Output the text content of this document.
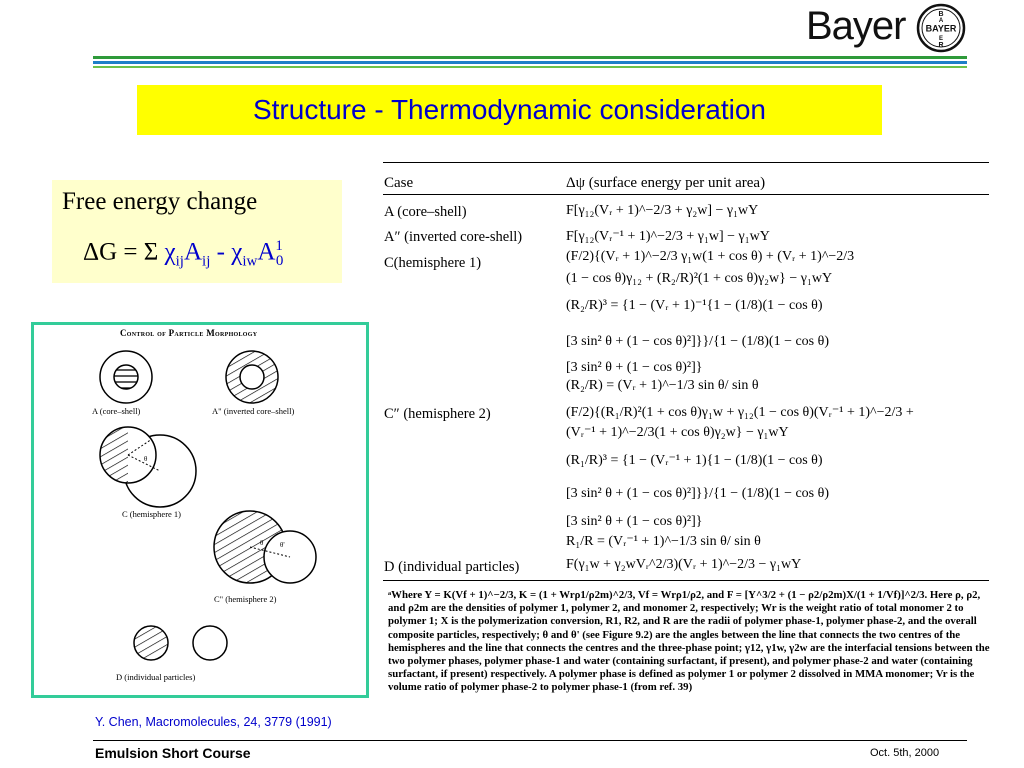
Bayer BAYER
B
A
E
R
Structure - Thermodynamic consideration
Free energy change
ΔG = Σ $\chi_{ij}A_{ij} - \chi_{iw}A^1_0$
Control of Particle Morphology
θ
θ θ'
A (core–shell)	A" (inverted core–shell)
C (hemisphere 1)
C" (hemisphere 2)
D (individual particles)
Case	Δψ (surface energy per unit area)
A (core–shell)	F[γ₁₂(Vᵣ + 1)^−2/3 + γ₂w] − γ₁wY
A″ (inverted core-shell)	F[γ₁₂(Vᵣ⁻¹ + 1)^−2/3 + γ₁w] − γ₁wY
C(hemisphere 1)	(F/2){(Vᵣ + 1)^−2/3 γ₁w(1 + cos θ) + (Vᵣ + 1)^−2/3
(1 − cos θ)γ₁₂ + (R₂/R)²(1 + cos θ)γ₂w} − γ₁wY
(R₂/R)³ = {1 − (Vᵣ + 1)⁻¹{1 − (1/8)(1 − cos θ)
[3 sin² θ + (1 − cos θ)²]}}/{1 − (1/8)(1 − cos θ)
[3 sin² θ + (1 − cos θ)²]}
(R₂/R) = (Vᵣ + 1)^−1/3 sin θ/ sin θ
C″ (hemisphere 2)	(F/2){(R₁/R)²(1 + cos θ)γ₁w + γ₁₂(1 − cos θ)(Vᵣ⁻¹ + 1)^−2/3 +
(Vᵣ⁻¹ + 1)^−2/3(1 + cos θ)γ₂w} − γ₁wY
(R₁/R)³ = {1 − (Vᵣ⁻¹ + 1){1 − (1/8)(1 − cos θ)
[3 sin² θ + (1 − cos θ)²]}}/{1 − (1/8)(1 − cos θ)
[3 sin² θ + (1 − cos θ)²]}
R₁/R = (Vᵣ⁻¹ + 1)^−1/3 sin θ/ sin θ
D (individual particles)	F(γ₁w + γ₂wVᵣ^2/3)(Vᵣ + 1)^−2/3 − γ₁wY
ᵃWhere Y = K(Vf + 1)^−2/3, K = (1 + Wrρ1/ρ2m)^2/3, Vf = Wrρ1/ρ2, and F = [Y^3/2 + (1 − ρ2/ρ2m)X/(1 + 1/Vf)]^2/3. Here ρ, ρ2, and ρ2m are the densities of polymer 1, polymer 2, and monomer 2, respectively; Wr is the weight ratio of total monomer 2 to polymer 1; X is the polymerization conversion, R1, R2, and R are the radii of polymer phase-1, polymer phase-2, and the overall composite particles, respectively; θ and θ' (see Figure 9.2) are the angles between the line that connects the two centres of the hemispheres and the line that connects the centres and the three-phase point; γ12, γ1w, γ2w are the interfacial tensions between the two polymer phases, polymer phase-1 and water (containing surfactant, if present), and polymer phase-2 and water (containing surfactant, if present) respectively. A polymer phase is defined as polymer 1 or polymer 2 dissolved in MMA monomer; Vr is the volume ratio of polymer phase-2 to polymer phase-1 (from ref. 39)
Y. Chen, Macromolecules, 24, 3779 (1991)
Emulsion Short Course	Oct. 5th, 2000
